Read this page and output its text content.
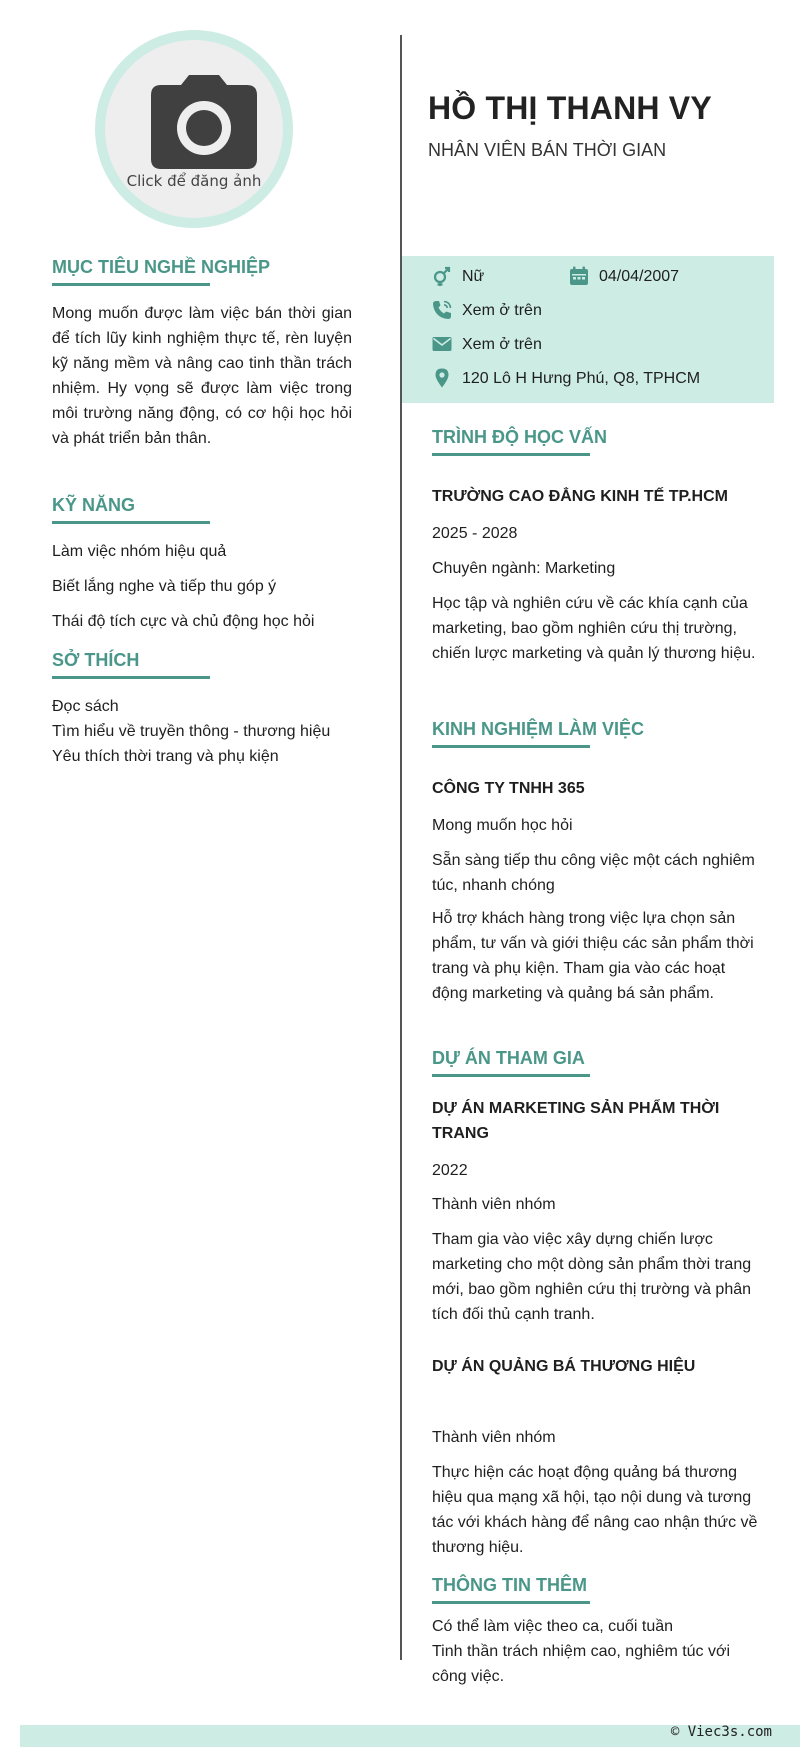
Click để đăng ảnh
MỤC TIÊU NGHỀ NGHIỆP
Mong muốn được làm việc bán thời gian để tích lũy kinh nghiệm thực tế, rèn luyện kỹ năng mềm và nâng cao tinh thần trách nhiệm. Hy vọng sẽ được làm việc trong môi trường năng động, có cơ hội học hỏi và phát triển bản thân.
KỸ NĂNG
Làm việc nhóm hiệu quả
Biết lắng nghe và tiếp thu góp ý
Thái độ tích cực và chủ động học hỏi
SỞ THÍCH
Đọc sách
Tìm hiểu về truyền thông - thương hiệu
Yêu thích thời trang và phụ kiện
HỒ THỊ THANH VY
NHÂN VIÊN BÁN THỜI GIAN
Nữ	04/04/2007
Xem ở trên
Xem ở trên
120 Lô H Hưng Phú, Q8, TPHCM
TRÌNH ĐỘ HỌC VẤN
TRƯỜNG CAO ĐẲNG KINH TẾ TP.HCM
2025 - 2028
Chuyên ngành: Marketing
Học tập và nghiên cứu về các khía cạnh của marketing, bao gồm nghiên cứu thị trường, chiến lược marketing và quản lý thương hiệu.
KINH NGHIỆM LÀM VIỆC
CÔNG TY TNHH 365
Mong muốn học hỏi
Sẵn sàng tiếp thu công việc một cách nghiêm túc, nhanh chóng
Hỗ trợ khách hàng trong việc lựa chọn sản phẩm, tư vấn và giới thiệu các sản phẩm thời trang và phụ kiện. Tham gia vào các hoạt động marketing và quảng bá sản phẩm.
DỰ ÁN THAM GIA
DỰ ÁN MARKETING SẢN PHẨM THỜI TRANG
2022
Thành viên nhóm
Tham gia vào việc xây dựng chiến lược marketing cho một dòng sản phẩm thời trang mới, bao gồm nghiên cứu thị trường và phân tích đối thủ cạnh tranh.
DỰ ÁN QUẢNG BÁ THƯƠNG HIỆU
Thành viên nhóm
Thực hiện các hoạt động quảng bá thương hiệu qua mạng xã hội, tạo nội dung và tương tác với khách hàng để nâng cao nhận thức về thương hiệu.
THÔNG TIN THÊM
Có thể làm việc theo ca, cuối tuần
Tinh thần trách nhiệm cao, nghiêm túc với công việc.
© Viec3s.com
